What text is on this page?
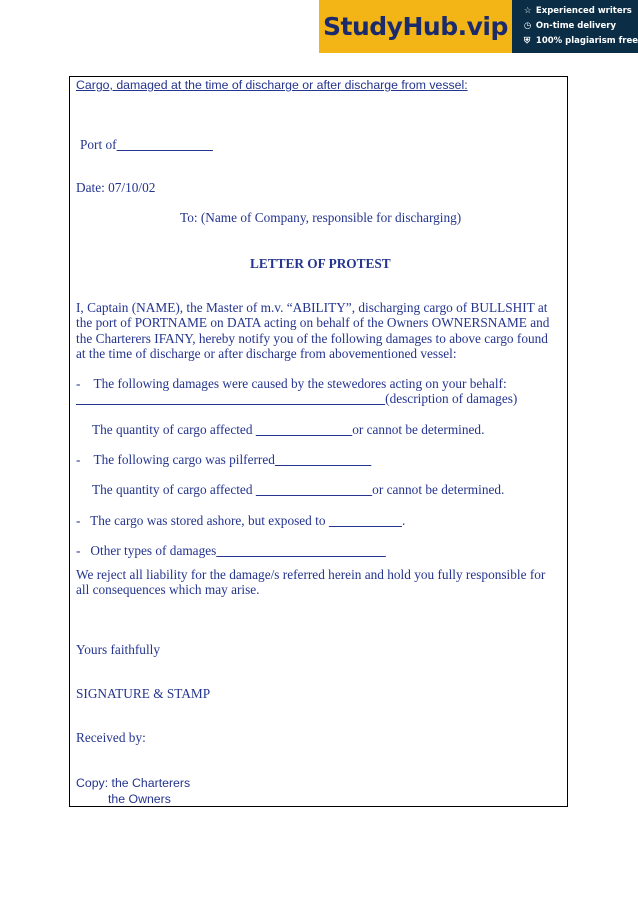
StudyHub.vip
☆ Experienced writers
◷ On-time delivery
⛨ 100% plagiarism free
Cargo, damaged at the time of discharge or after discharge from vessel:
Port of
Date: 07/10/02
To: (Name of Company, responsible for discharging)
LETTER OF PROTEST
I, Captain (NAME), the Master of m.v. “ABILITY”, discharging cargo of BULLSHIT at the port of PORTNAME on DATA acting on behalf of the Owners OWNERSNAME and the Charterers IFANY, hereby notify you of the following damages to above cargo found at the time of discharge or after discharge from abovementioned vessel:
-    The following damages were caused by the stewedores acting on your behalf:
(description of damages)
The quantity of cargo affected	or cannot be determined.
-    The following cargo was pilferred
The quantity of cargo affected	or cannot be determined.
-   The cargo was stored ashore, but exposed to	.
-   Other types of damages
We reject all liability for the damage/s referred herein and hold you fully responsible for all consequences which may arise.
Yours faithfully
SIGNATURE & STAMP
Received by:
Copy: the Charterers
the Owners
